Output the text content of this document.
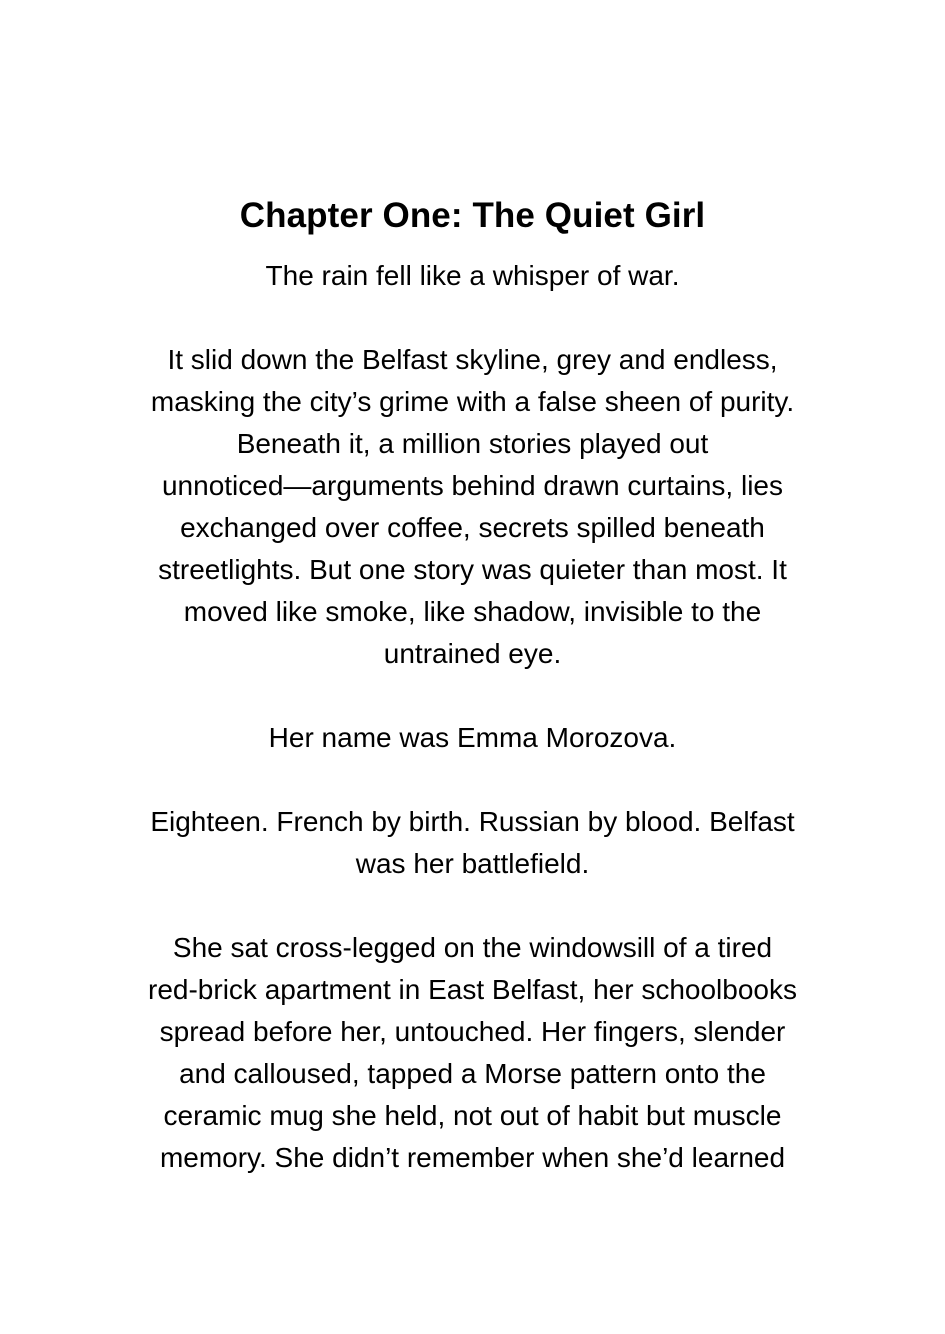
Chapter One: The Quiet Girl
The rain fell like a whisper of war.
It slid down the Belfast skyline, grey and endless,
masking the city’s grime with a false sheen of purity.
Beneath it, a million stories played out
unnoticed—arguments behind drawn curtains, lies
exchanged over coffee, secrets spilled beneath
streetlights. But one story was quieter than most. It
moved like smoke, like shadow, invisible to the
untrained eye.
Her name was Emma Morozova.
Eighteen. French by birth. Russian by blood. Belfast
was her battlefield.
She sat cross-legged on the windowsill of a tired
red-brick apartment in East Belfast, her schoolbooks
spread before her, untouched. Her fingers, slender
and calloused, tapped a Morse pattern onto the
ceramic mug she held, not out of habit but muscle
memory. She didn’t remember when she’d learned
